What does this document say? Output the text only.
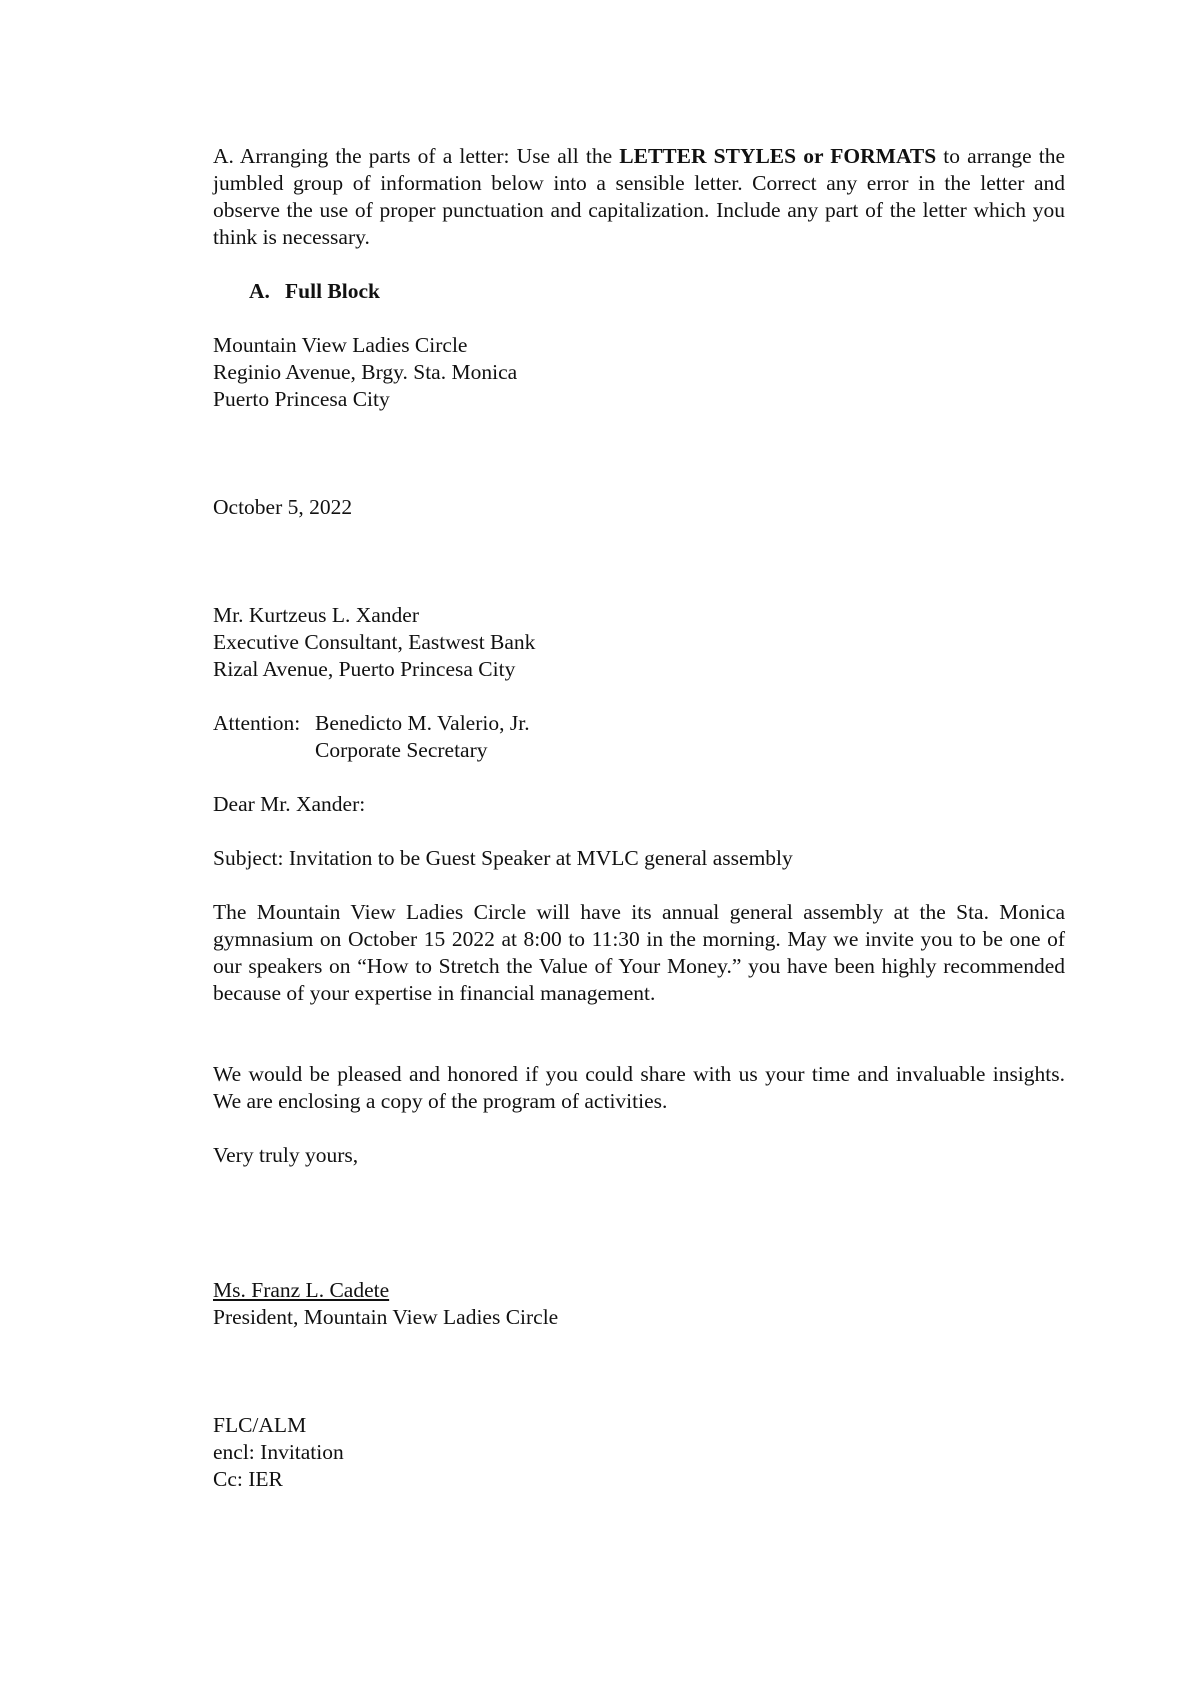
A. Arranging the parts of a letter: Use all the LETTER STYLES or FORMATS to arrange the jumbled group of information below into a sensible letter. Correct any error in the letter and observe the use of proper punctuation and capitalization. Include any part of the letter which you think is necessary.

A. Full Block

Mountain View Ladies Circle

Reginio Avenue, Brgy. Sta. Monica

Puerto Princesa City

October 5, 2022

Mr. Kurtzeus L. Xander

Executive Consultant, Eastwest Bank

Rizal Avenue, Puerto Princesa City

Attention: Benedicto M. Valerio, Jr.

Corporate Secretary

Dear Mr. Xander:

Subject: Invitation to be Guest Speaker at MVLC general assembly

The Mountain View Ladies Circle will have its annual general assembly at the Sta. Monica gymnasium on October 15 2022 at 8:00 to 11:30 in the morning. May we invite you to be one of our speakers on “How to Stretch the Value of Your Money.” you have been highly recommended because of your expertise in financial management.

We would be pleased and honored if you could share with us your time and invaluable insights. We are enclosing a copy of the program of activities.

Very truly yours,

Ms. Franz L. Cadete

President, Mountain View Ladies Circle

FLC/ALM

encl: Invitation

Cc: IER
